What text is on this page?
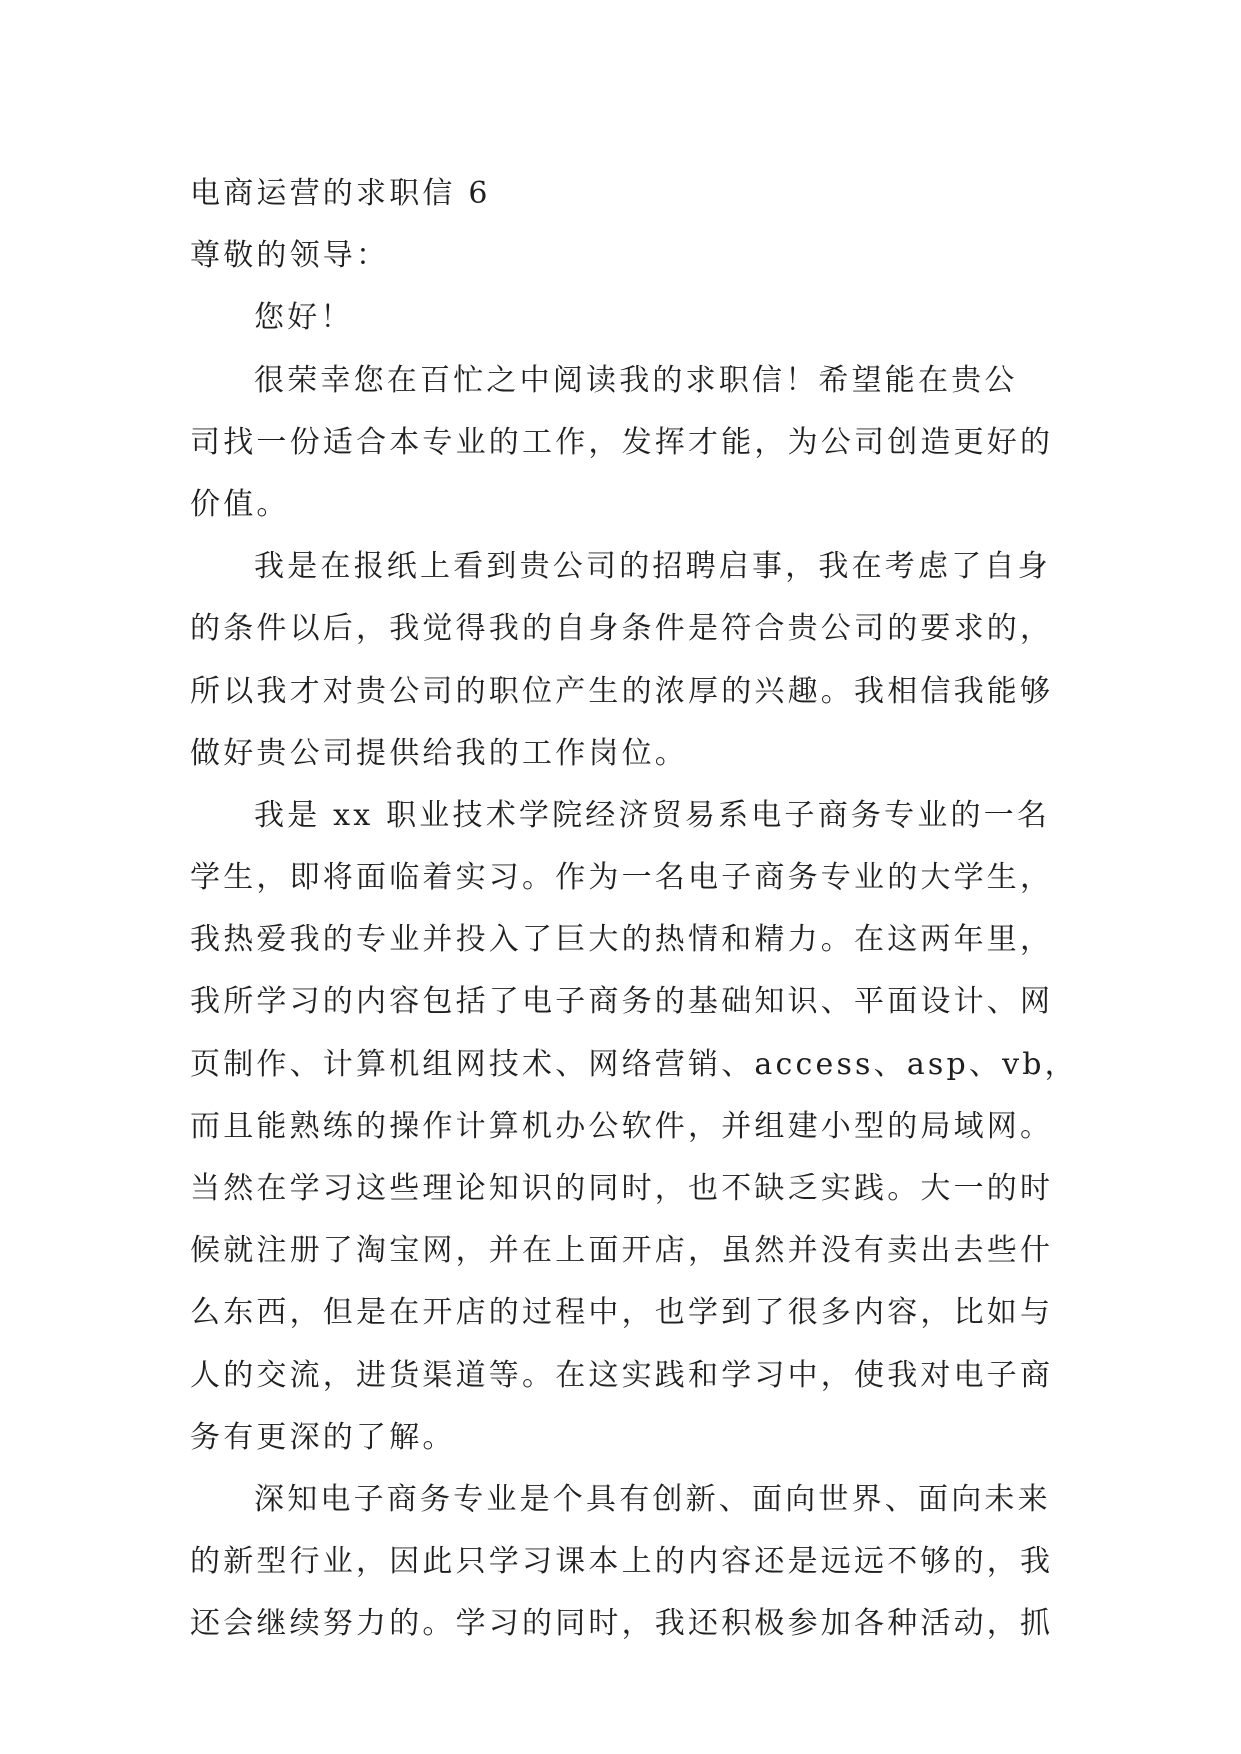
电商运营的求职信 6
尊敬的领导：
您好！
很荣幸您在百忙之中阅读我的求职信！希望能在贵公
司找一份适合本专业的工作，发挥才能，为公司创造更好的
价值。
我是在报纸上看到贵公司的招聘启事，我在考虑了自身
的条件以后，我觉得我的自身条件是符合贵公司的要求的，
所以我才对贵公司的职位产生的浓厚的兴趣。我相信我能够
做好贵公司提供给我的工作岗位。
我是 xx 职业技术学院经济贸易系电子商务专业的一名
学生，即将面临着实习。作为一名电子商务专业的大学生，
我热爱我的专业并投入了巨大的热情和精力。在这两年里，
我所学习的内容包括了电子商务的基础知识、平面设计、网
页制作、计算机组网技术、网络营销、access、asp、vb，
而且能熟练的操作计算机办公软件，并组建小型的局域网。
当然在学习这些理论知识的同时，也不缺乏实践。大一的时
候就注册了淘宝网，并在上面开店，虽然并没有卖出去些什
么东西，但是在开店的过程中，也学到了很多内容，比如与
人的交流，进货渠道等。在这实践和学习中，使我对电子商
务有更深的了解。
深知电子商务专业是个具有创新、面向世界、面向未来
的新型行业，因此只学习课本上的内容还是远远不够的，我
还会继续努力的。学习的同时，我还积极参加各种活动，抓
